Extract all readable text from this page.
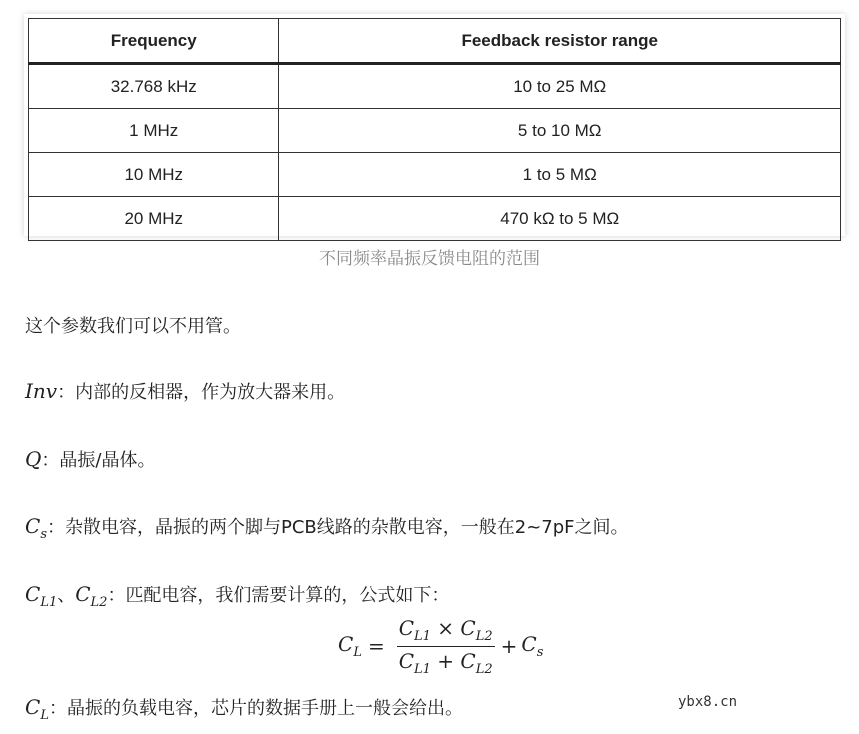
Frequency	Feedback resistor range
32.768 kHz	10 to 25 MΩ
1 MHz	5 to 10 MΩ
10 MHz	1 to 5 MΩ
20 MHz	470 kΩ to 5 MΩ
不同频率晶振反馈电阻的范围
这个参数我们可以不用管。
Inv：内部的反相器，作为放大器来用。
Q：晶振/晶体。
$C_s$：杂散电容，晶振的两个脚与PCB线路的杂散电容，一般在2~7pF之间。
$C_{L1}$、$C_{L2}$：匹配电容，我们需要计算的，公式如下：
$C_L = \frac{C_{L1} \times C_{L2}}{C_{L1} + C_{L2}} + C_s$
$C_L$：晶振的负载电容，芯片的数据手册上一般会给出。	ybx8.cn
